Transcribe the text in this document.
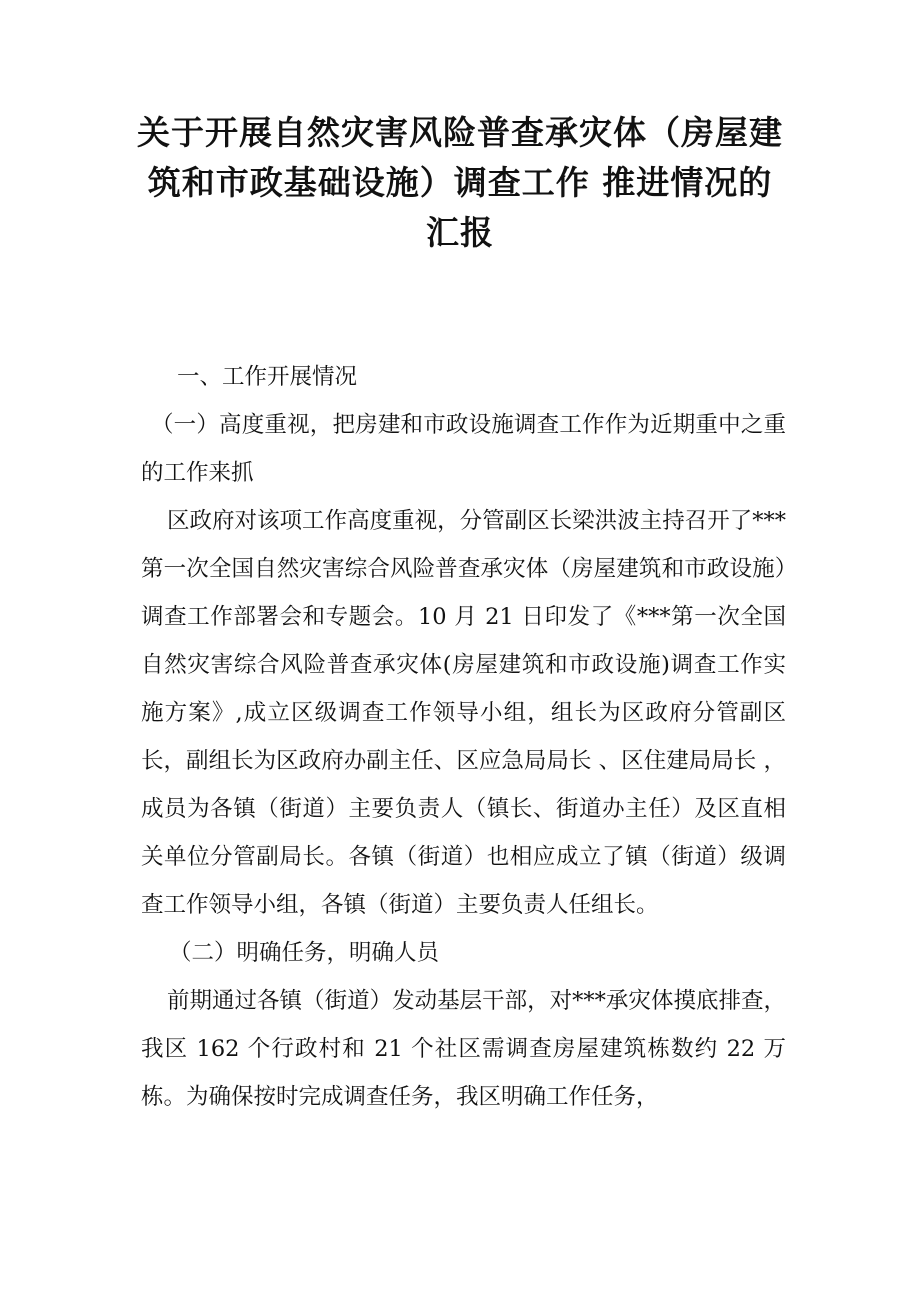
关于开展自然灾害风险普查承灾体（房屋建
筑和市政基础设施）调查工作 推进情况的
汇报

一、工作开展情况

（一）高度重视，把房建和市政设施调查工作作为近期重中之重的工作来抓

区政府对该项工作高度重视，分管副区长梁洪波主持召开了***第一次全国自然灾害综合风险普查承灾体（房屋建筑和市政设施）调查工作部署会和专题会。10 月 21 日印发了《***第一次全国自然灾害综合风险普查承灾体(房屋建筑和市政设施)调查工作实施方案》,成立区级调查工作领导小组，组长为区政府分管副区长，副组长为区政府办副主任、区应急局局长 、区住建局局长 ，成员为各镇（街道）主要负责人（镇长、街道办主任）及区直相关单位分管副局长。各镇（街道）也相应成立了镇（街道）级调查工作领导小组，各镇（街道）主要负责人任组长。

（二）明确任务，明确人员

前期通过各镇（街道）发动基层干部，对***承灾体摸底排查，我区 162 个行政村和 21 个社区需调查房屋建筑栋数约 22 万栋。为确保按时完成调查任务，我区明确工作任务，
